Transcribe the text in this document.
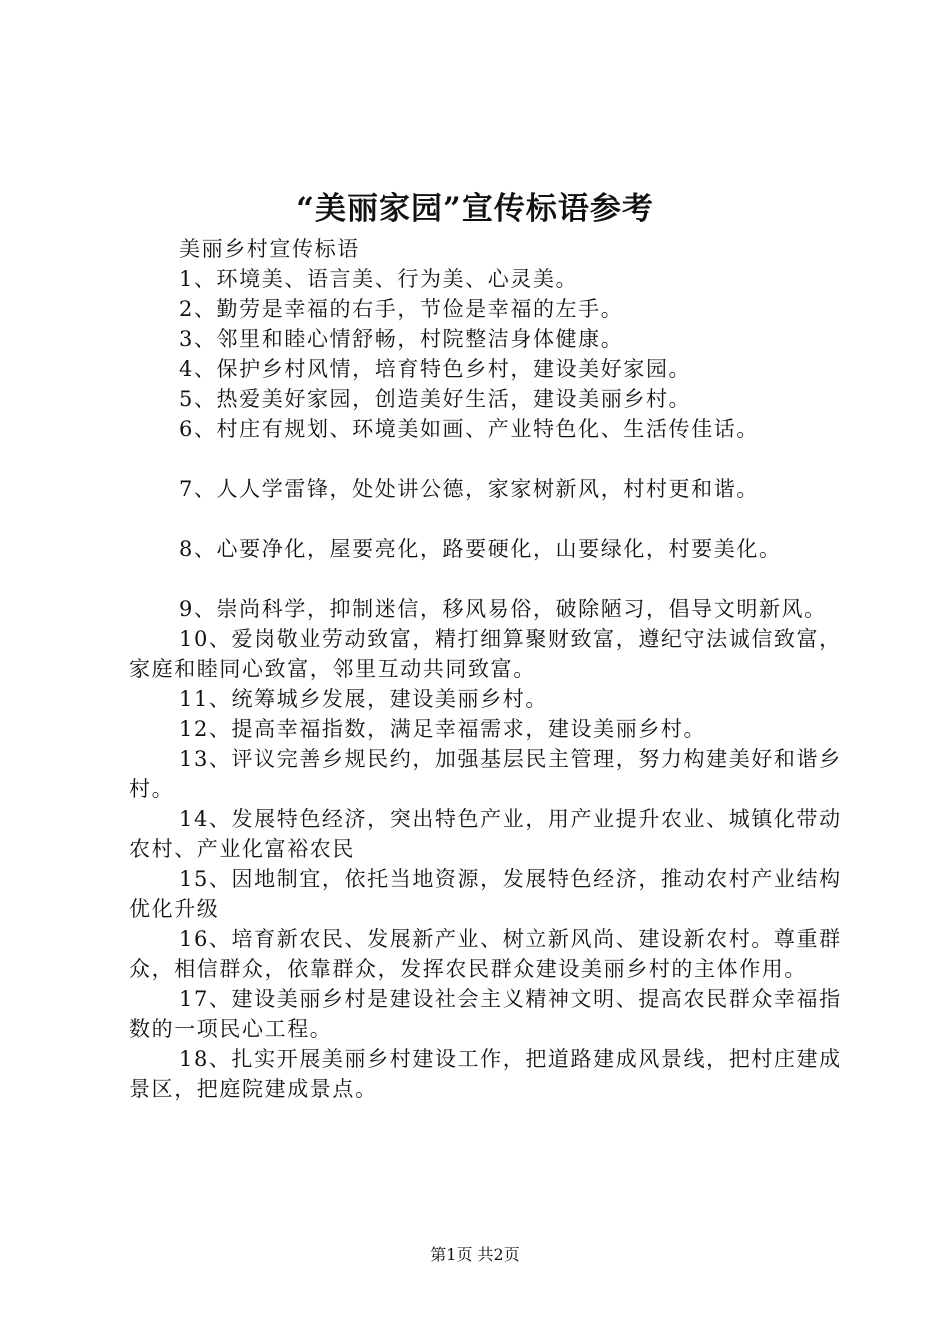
“美丽家园”宣传标语参考

美丽乡村宣传标语

1、环境美、语言美、行为美、心灵美。

2、勤劳是幸福的右手，节俭是幸福的左手。

3、邻里和睦心情舒畅，村院整洁身体健康。

4、保护乡村风情，培育特色乡村，建设美好家园。

5、热爱美好家园，创造美好生活，建设美丽乡村。

6、村庄有规划、环境美如画、产业特色化、生活传佳话。

7、人人学雷锋，处处讲公德，家家树新风，村村更和谐。

8、心要净化，屋要亮化，路要硬化，山要绿化，村要美化。

9、崇尚科学，抑制迷信，移风易俗，破除陋习，倡导文明新风。

10、爱岗敬业劳动致富，精打细算聚财致富，遵纪守法诚信致富，家庭和睦同心致富，邻里互动共同致富。

11、统筹城乡发展，建设美丽乡村。

12、提高幸福指数，满足幸福需求，建设美丽乡村。

13、评议完善乡规民约，加强基层民主管理，努力构建美好和谐乡村。

14、发展特色经济，突出特色产业，用产业提升农业、城镇化带动农村、产业化富裕农民

15、因地制宜，依托当地资源，发展特色经济，推动农村产业结构优化升级

16、培育新农民、发展新产业、树立新风尚、建设新农村。尊重群众，相信群众，依靠群众，发挥农民群众建设美丽乡村的主体作用。

17、建设美丽乡村是建设社会主义精神文明、提高农民群众幸福指数的一项民心工程。

18、扎实开展美丽乡村建设工作，把道路建成风景线，把村庄建成景区，把庭院建成景点。

第1页 共2页
